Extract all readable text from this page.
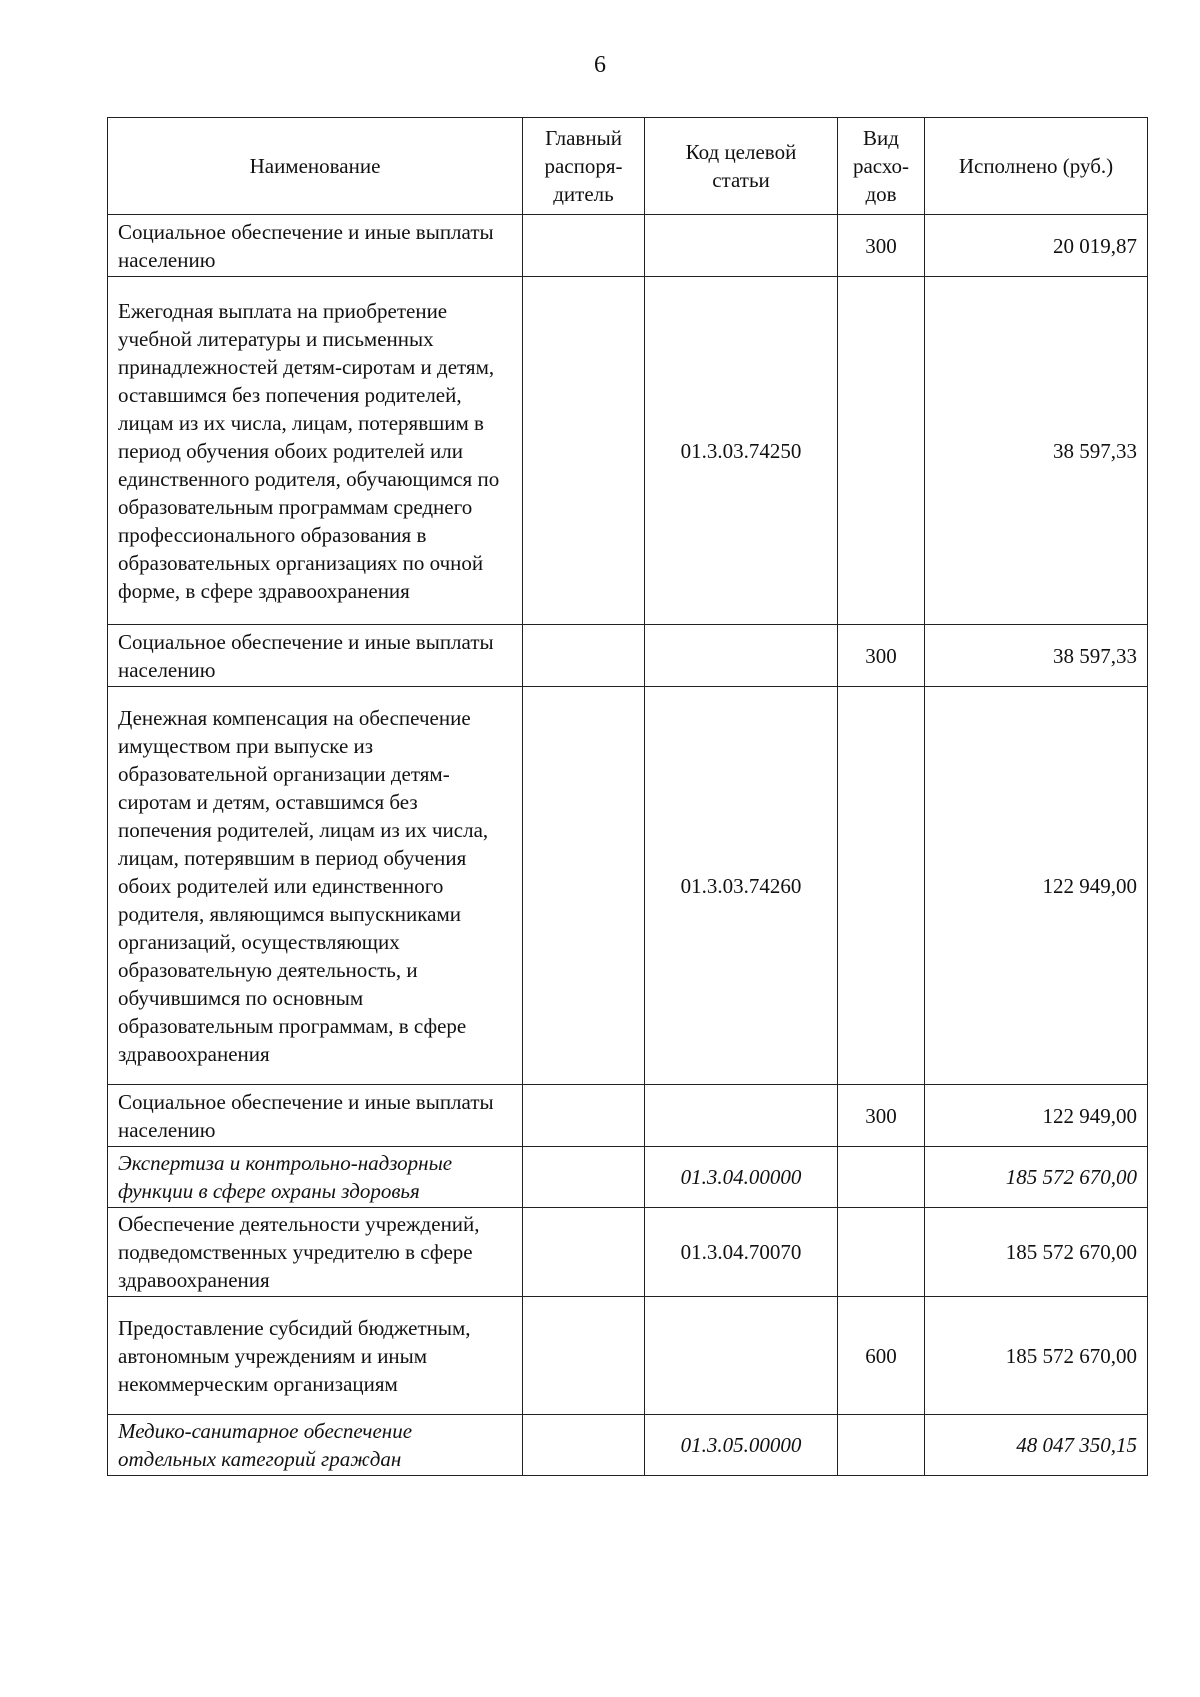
6
Наименование	Главный распоря-дитель	Код целевой статьи	Вид расхо-дов	Исполнено (руб.)
Социальное обеспечение и иные выплаты населению			300	20 019,87
Ежегодная выплата на приобретение учебной литературы и письменных принадлежностей детям-сиротам и детям, оставшимся без попечения родителей, лицам из их числа, лицам, потерявшим в период обучения обоих родителей или единственного родителя, обучающимся по образовательным программам среднего профессионального образования в образовательных организациях по очной форме, в сфере здравоохранения		01.3.03.74250		38 597,33
Социальное обеспечение и иные выплаты населению			300	38 597,33
Денежная компенсация на обеспечение имуществом при выпуске из образовательной организации детям-сиротам и детям, оставшимся без попечения родителей, лицам из их числа, лицам, потерявшим в период обучения обоих родителей или единственного родителя, являющимся выпускниками организаций, осуществляющих образовательную деятельность, и обучившимся по основным образовательным программам, в сфере здравоохранения		01.3.03.74260		122 949,00
Социальное обеспечение и иные выплаты населению			300	122 949,00
Экспертиза и контрольно-надзорные функции в сфере охраны здоровья		01.3.04.00000		185 572 670,00
Обеспечение деятельности учреждений, подведомственных учредителю в сфере здравоохранения		01.3.04.70070		185 572 670,00
Предоставление субсидий бюджетным, автономным учреждениям и иным некоммерческим организациям			600	185 572 670,00
Медико-санитарное обеспечение отдельных категорий граждан		01.3.05.00000		48 047 350,15
